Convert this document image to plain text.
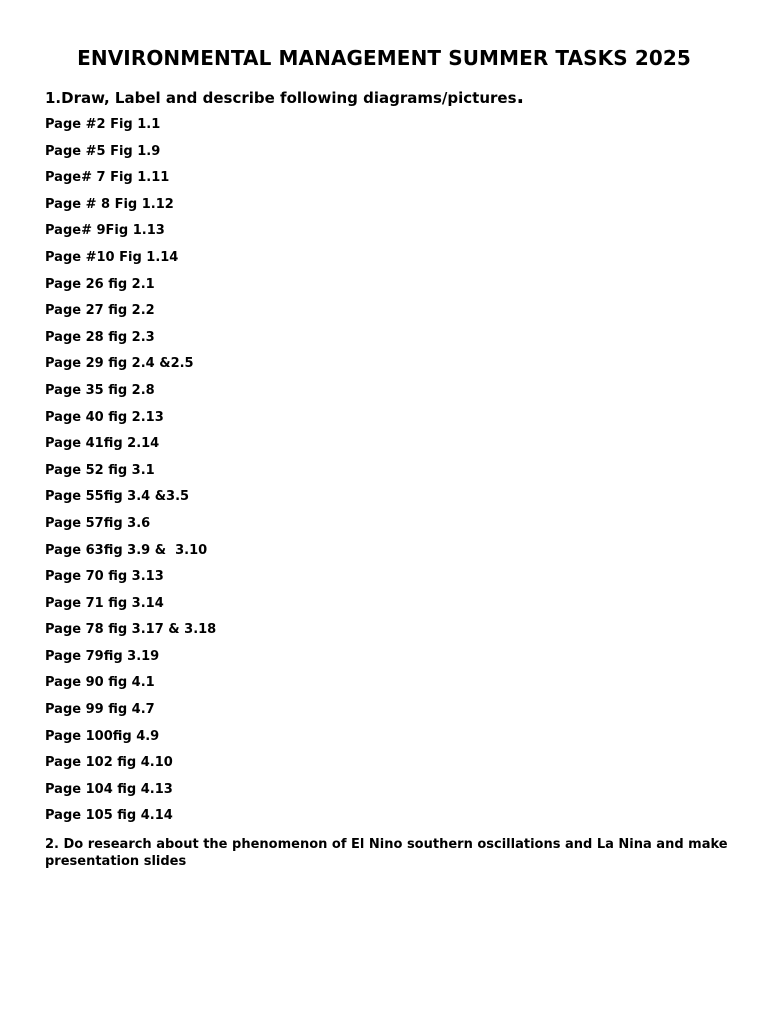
ENVIRONMENTAL MANAGEMENT SUMMER TASKS 2025

1.Draw, Label and describe following diagrams/pictures.

Page #2 Fig 1.1
Page #5 Fig 1.9
Page# 7 Fig 1.11
Page # 8 Fig 1.12
Page# 9Fig 1.13
Page #10 Fig 1.14
Page 26 fig 2.1
Page 27 fig 2.2
Page 28 fig 2.3
Page 29 fig 2.4 &2.5
Page 35 fig 2.8
Page 40 fig 2.13
Page 41fig 2.14
Page 52 fig 3.1
Page 55fig 3.4 &3.5
Page 57fig 3.6
Page 63fig 3.9 &  3.10
Page 70 fig 3.13
Page 71 fig 3.14
Page 78 fig 3.17 & 3.18
Page 79fig 3.19
Page 90 fig 4.1
Page 99 fig 4.7
Page 100fig 4.9
Page 102 fig 4.10
Page 104 fig 4.13
Page 105 fig 4.14

2. Do research about the phenomenon of El Nino southern oscillations and La Nina and make presentation slides
